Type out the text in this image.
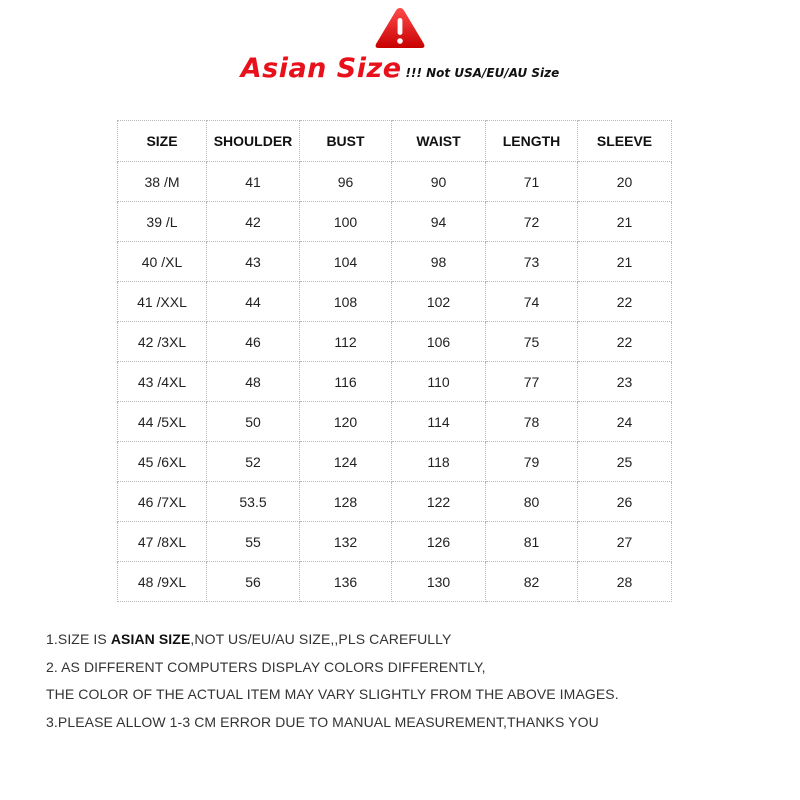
Asian Size !!! Not USA/EU/AU Size
SIZE	SHOULDER	BUST	WAIST	LENGTH	SLEEVE
38 /M	41	96	90	71	20
39 /L	42	100	94	72	21
40 /XL	43	104	98	73	21
41 /XXL	44	108	102	74	22
42 /3XL	46	112	106	75	22
43 /4XL	48	116	110	77	23
44 /5XL	50	120	114	78	24
45 /6XL	52	124	118	79	25
46 /7XL	53.5	128	122	80	26
47 /8XL	55	132	126	81	27
48 /9XL	56	136	130	82	28
1.SIZE IS ASIAN SIZE,NOT US/EU/AU SIZE,,PLS CAREFULLY
2. AS DIFFERENT COMPUTERS DISPLAY COLORS DIFFERENTLY,
THE COLOR OF THE ACTUAL ITEM MAY VARY SLIGHTLY FROM THE ABOVE IMAGES.
3.PLEASE ALLOW 1-3 CM ERROR DUE TO MANUAL MEASUREMENT,THANKS YOU
